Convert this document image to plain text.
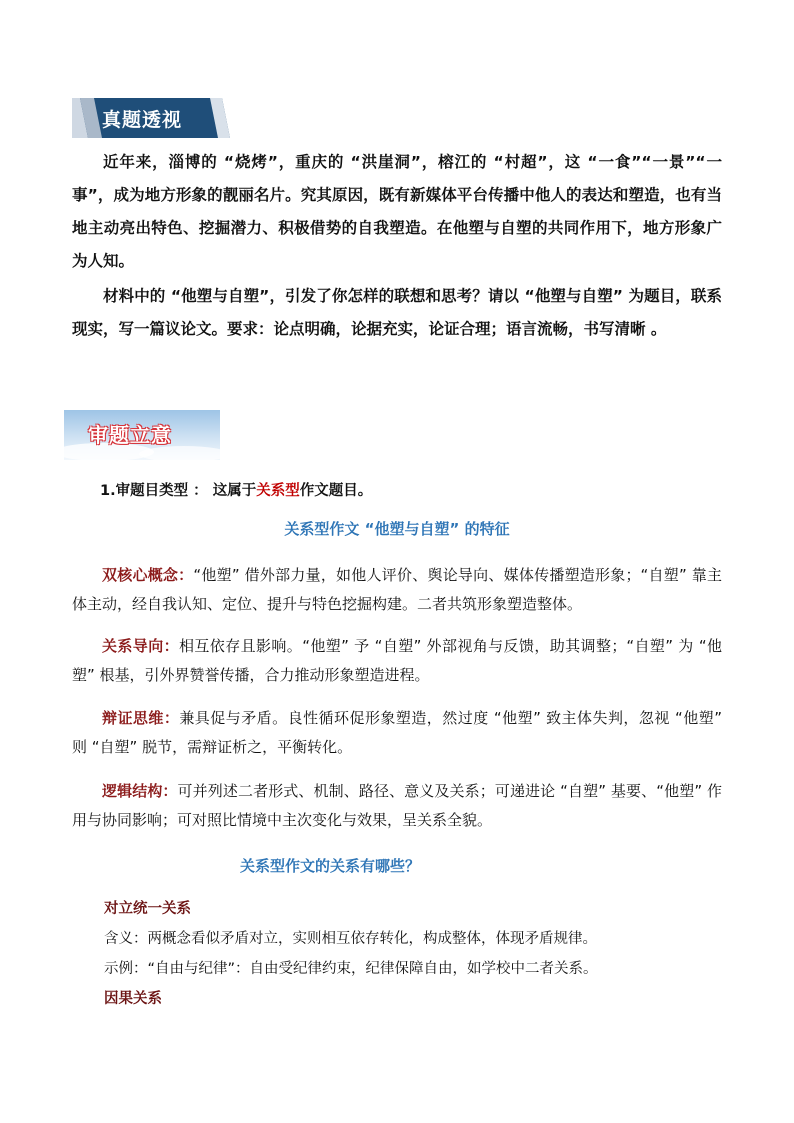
真题透视

近年来，淄博的 “烧烤”，重庆的 “洪崖洞”，榕江的 “村超”，这 “一食”“一景”“一事”，成为地方形象的靓丽名片。究其原因，既有新媒体平台传播中他人的表达和塑造，也有当地主动亮出特色、挖掘潜力、积极借势的自我塑造。在他塑与自塑的共同作用下，地方形象广为人知。

材料中的 “他塑与自塑”，引发了你怎样的联想和思考？请以 “他塑与自塑” 为题目，联系现实，写一篇议论文。要求：论点明确，论据充实，论证合理；语言流畅，书写清晰 。

审题立意
1.审题目类型 ： 这属于关系型作文题目。
关系型作文 “他塑与自塑” 的特征

双核心概念：“他塑” 借外部力量，如他人评价、舆论导向、媒体传播塑造形象；“自塑” 靠主体主动，经自我认知、定位、提升与特色挖掘构建。二者共筑形象塑造整体。

关系导向：相互依存且影响。“他塑” 予 “自塑” 外部视角与反馈，助其调整；“自塑” 为 “他塑” 根基，引外界赞誉传播，合力推动形象塑造进程。

辩证思维：兼具促与矛盾。良性循环促形象塑造，然过度 “他塑” 致主体失判，忽视 “他塑” 则 “自塑” 脱节，需辩证析之，平衡转化。

逻辑结构：可并列述二者形式、机制、路径、意义及关系；可递进论 “自塑” 基要、“他塑” 作用与协同影响；可对照比情境中主次变化与效果，呈关系全貌。

关系型作文的关系有哪些？
对立统一关系
含义：两概念看似矛盾对立，实则相互依存转化，构成整体，体现矛盾规律。
示例：“自由与纪律”：自由受纪律约束，纪律保障自由，如学校中二者关系。
因果关系
